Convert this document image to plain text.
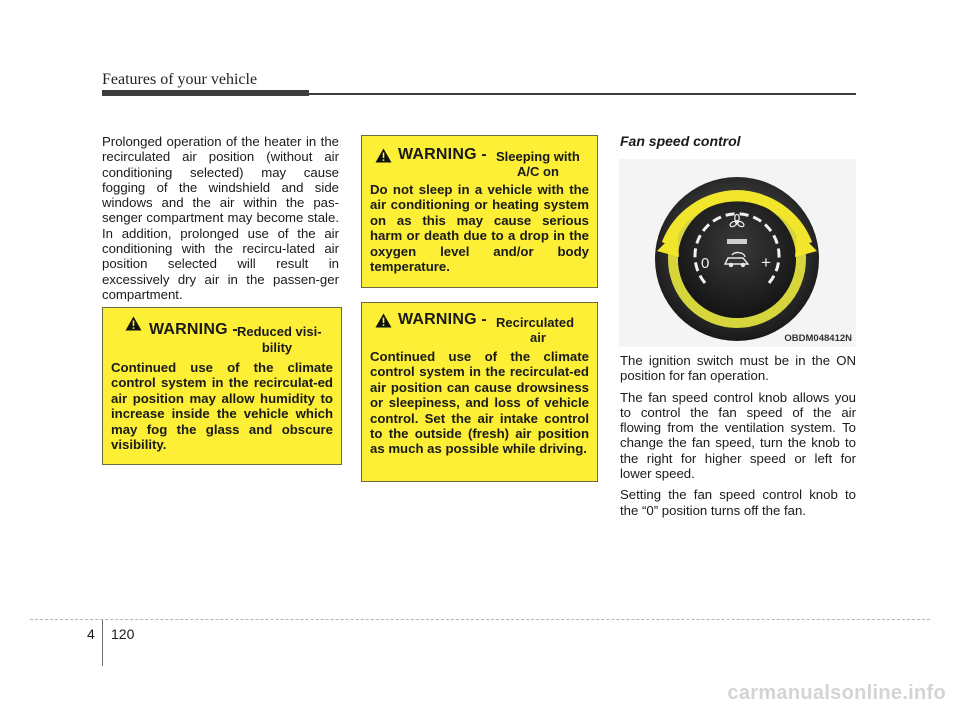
Features of your vehicle

Prolonged operation of the heater in the recirculated air position (without air conditioning selected) may cause fogging of the windshield and side windows and the air within the pas-senger compartment may become stale. In addition, prolonged use of the air conditioning with the recircu-lated air position selected will result in excessively dry air in the passen-ger compartment.

WARNING - Reduced visi-
bility

Continued use of the climate control system in the recirculat-ed air position may allow humidity to increase inside the vehicle which may fog the glass and obscure visibility.

WARNING - Sleeping with
A/C on

Do not sleep in a vehicle with the air conditioning or heating system on as this may cause serious harm or death due to a drop in the oxygen level and/or body temperature.

WARNING - Recirculated
air

Continued use of the climate control system in the recirculat-ed air position can cause drowsiness or sleepiness, and loss of vehicle control. Set the air intake control to the outside (fresh) air position as much as possible while driving.

Fan speed control
0	+
OBDM048412N

The ignition switch must be in the ON position for fan operation.

The fan speed control knob allows you to control the fan speed of the air flowing from the ventilation system. To change the fan speed, turn the knob to the right for higher speed or left for lower speed.

Setting the fan speed control knob to the “0” position turns off the fan.

4 120
carmanualsonline.info
